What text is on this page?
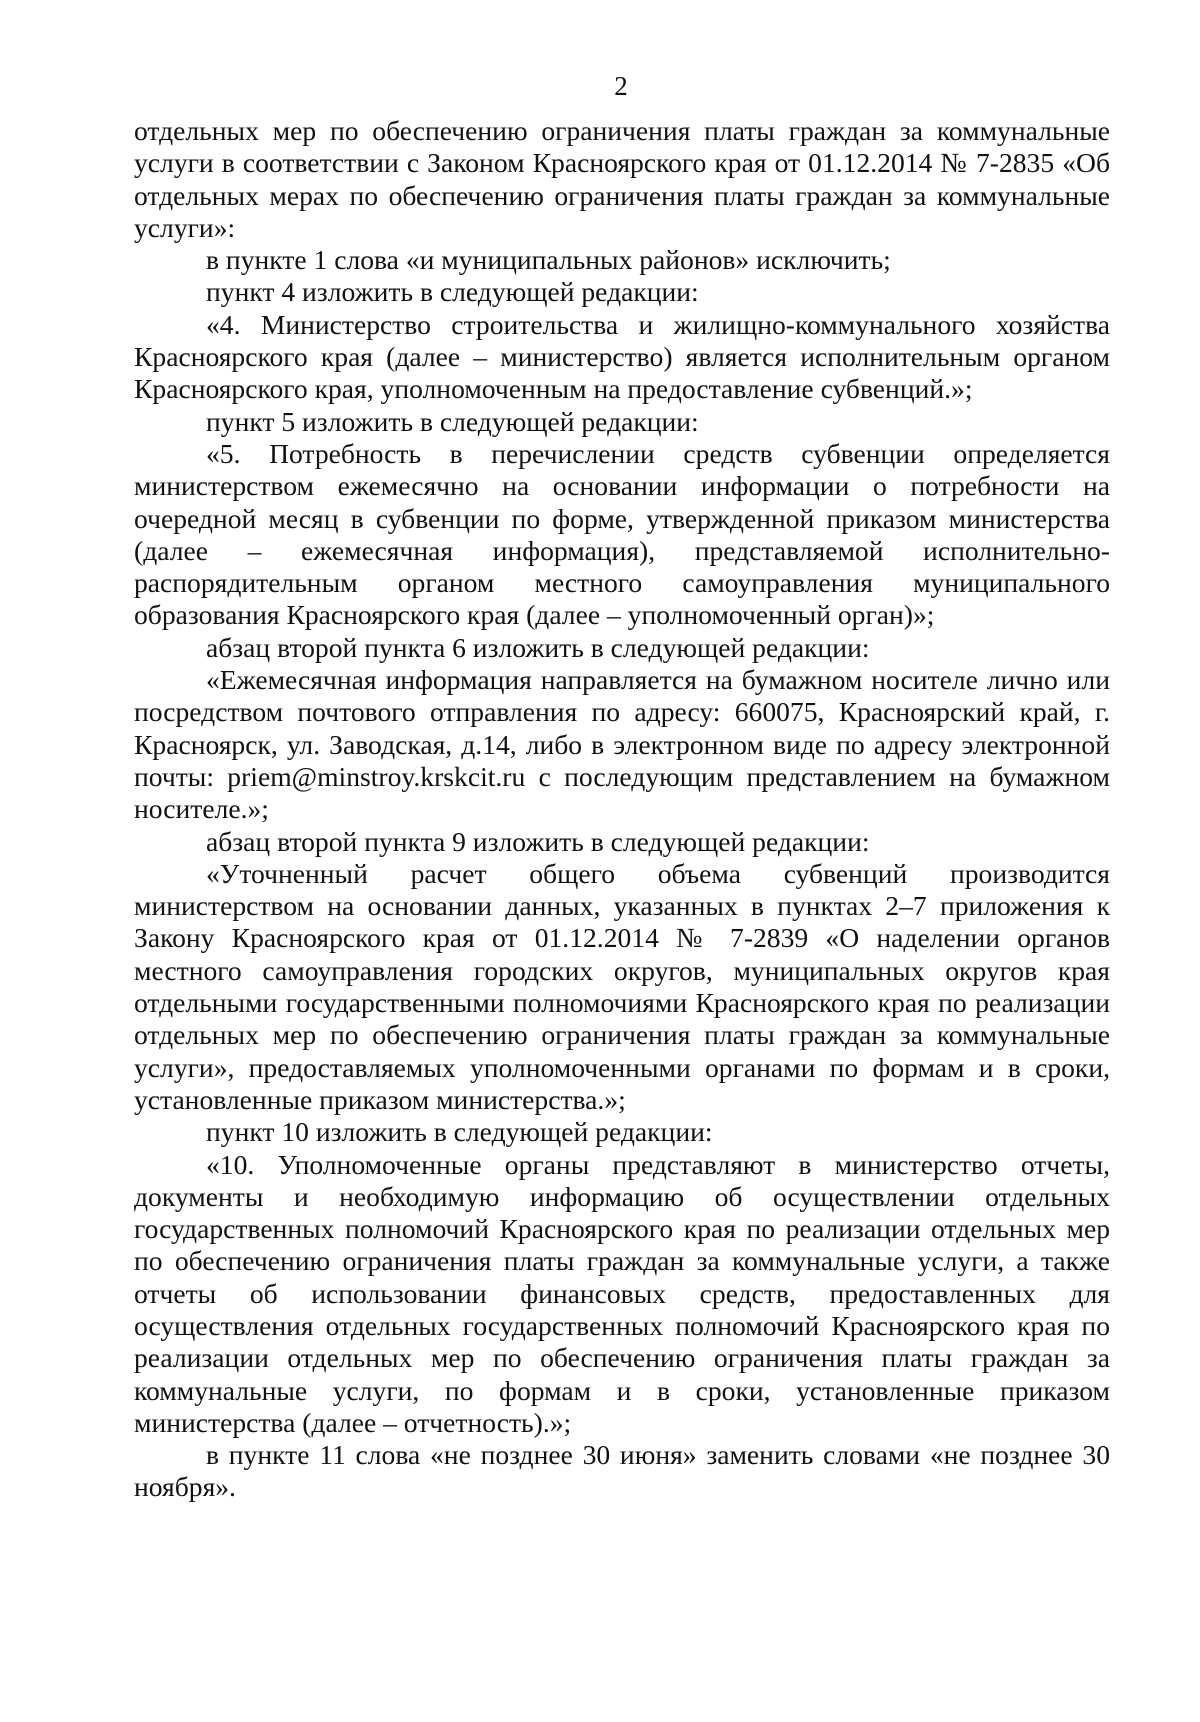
2

отдельных мер по обеспечению ограничения платы граждан за коммунальные услуги в соответствии с Законом Красноярского края от 01.12.2014 № 7-2835 «Об отдельных мерах по обеспечению ограничения платы граждан за коммунальные услуги»:

в пункте 1 слова «и муниципальных районов» исключить;

пункт 4 изложить в следующей редакции:

«4. Министерство строительства и жилищно-коммунального хозяйства Красноярского края (далее – министерство) является исполнительным органом Красноярского края, уполномоченным на предоставление субвенций.»;

пункт 5 изложить в следующей редакции:

«5. Потребность в перечислении средств субвенции определяется министерством ежемесячно на основании информации о потребности на очередной месяц в субвенции по форме, утвержденной приказом министерства (далее – ежемесячная информация), представляемой исполнительно-распорядительным органом местного самоуправления муниципального образования Красноярского края (далее – уполномоченный орган)»;

абзац второй пункта 6 изложить в следующей редакции:

«Ежемесячная информация направляется на бумажном носителе лично или посредством почтового отправления по адресу: 660075, Красноярский край, г. Красноярск, ул. Заводская, д.14, либо в электронном виде по адресу электронной почты: priem@minstroy.krskcit.ru с последующим представлением на бумажном носителе.»;

абзац второй пункта 9 изложить в следующей редакции:

«Уточненный расчет общего объема субвенций производится министерством на основании данных, указанных в пунктах 2–7 приложения к Закону Красноярского края от 01.12.2014 № 7-2839 «О наделении органов местного самоуправления городских округов, муниципальных округов края отдельными государственными полномочиями Красноярского края по реализации отдельных мер по обеспечению ограничения платы граждан за коммунальные услуги», предоставляемых уполномоченными органами по формам и в сроки, установленные приказом министерства.»;

пункт 10 изложить в следующей редакции:

«10. Уполномоченные органы представляют в министерство отчеты, документы и необходимую информацию об осуществлении отдельных государственных полномочий Красноярского края по реализации отдельных мер по обеспечению ограничения платы граждан за коммунальные услуги, а также отчеты об использовании финансовых средств, предоставленных для осуществления отдельных государственных полномочий Красноярского края по реализации отдельных мер по обеспечению ограничения платы граждан за коммунальные услуги, по формам и в сроки, установленные приказом министерства (далее – отчетность).»;

в пункте 11 слова «не позднее 30 июня» заменить словами «не позднее 30 ноября».
